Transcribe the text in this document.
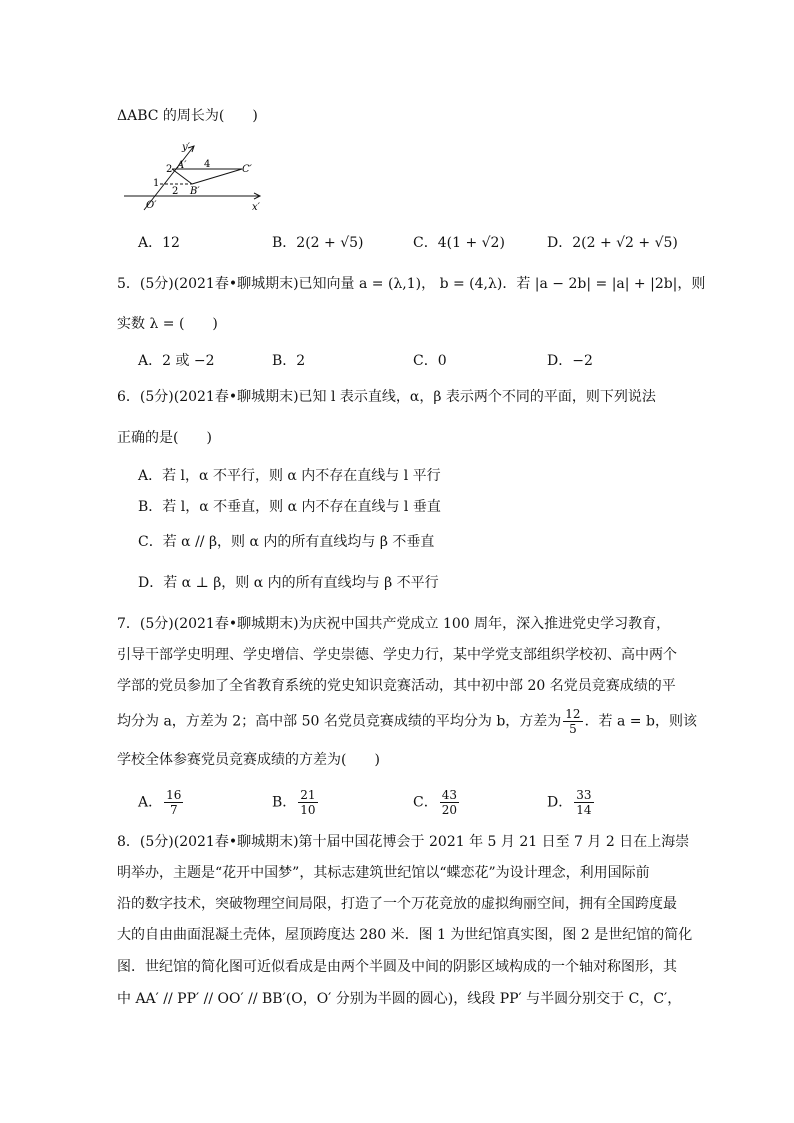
ΔABC 的周长为(　　)
y′
x′
O′
A′
B′
C′
1
2
2
4
A．12	B．2(2 + √5)	C．4(1 + √2)	D．2(2 + √2 + √5)
5．(5分)(2021春•聊城期末)已知向量 a = (λ,1)， b = (4,λ)．若 |a − 2b| = |a| + |2b|，则
实数 λ = (　　)
A．2 或 −2	B．2	C．0	D．−2
6．(5分)(2021春•聊城期末)已知 l 表示直线，α，β 表示两个不同的平面，则下列说法
正确的是(　　)
A．若 l，α 不平行，则 α 内不存在直线与 l 平行
B．若 l，α 不垂直，则 α 内不存在直线与 l 垂直
C．若 α // β，则 α 内的所有直线均与 β 不垂直
D．若 α ⊥ β，则 α 内的所有直线均与 β 不平行
7．(5分)(2021春•聊城期末)为庆祝中国共产党成立 100 周年，深入推进党史学习教育，
引导干部学史明理、学史增信、学史崇德、学史力行，某中学党支部组织学校初、高中两个
学部的党员参加了全省教育系统的党史知识竞赛活动，其中初中部 20 名党员竞赛成绩的平
均分为 a，方差为 2；高中部 50 名党员竞赛成绩的平均分为 b，方差为 $\frac{12}{5}$ ．若 a = b，则该
学校全体参赛党员竞赛成绩的方差为(　　)
A． $\frac{16}{7}$	B． $\frac{21}{10}$	C． $\frac{43}{20}$	D． $\frac{33}{14}$
8．(5分)(2021春•聊城期末)第十届中国花博会于 2021 年 5 月 21 日至 7 月 2 日在上海崇
明举办，主题是“花开中国梦”，其标志建筑世纪馆以“蝶恋花”为设计理念，利用国际前
沿的数字技术，突破物理空间局限，打造了一个万花竞放的虚拟绚丽空间，拥有全国跨度最
大的自由曲面混凝土壳体，屋顶跨度达 280 米．图 1 为世纪馆真实图，图 2 是世纪馆的简化
图．世纪馆的简化图可近似看成是由两个半圆及中间的阴影区域构成的一个轴对称图形，其
中 AA′ // PP′ // OO′ // BB′(O，O′ 分别为半圆的圆心)，线段 PP′ 与半圆分别交于 C，C′，
